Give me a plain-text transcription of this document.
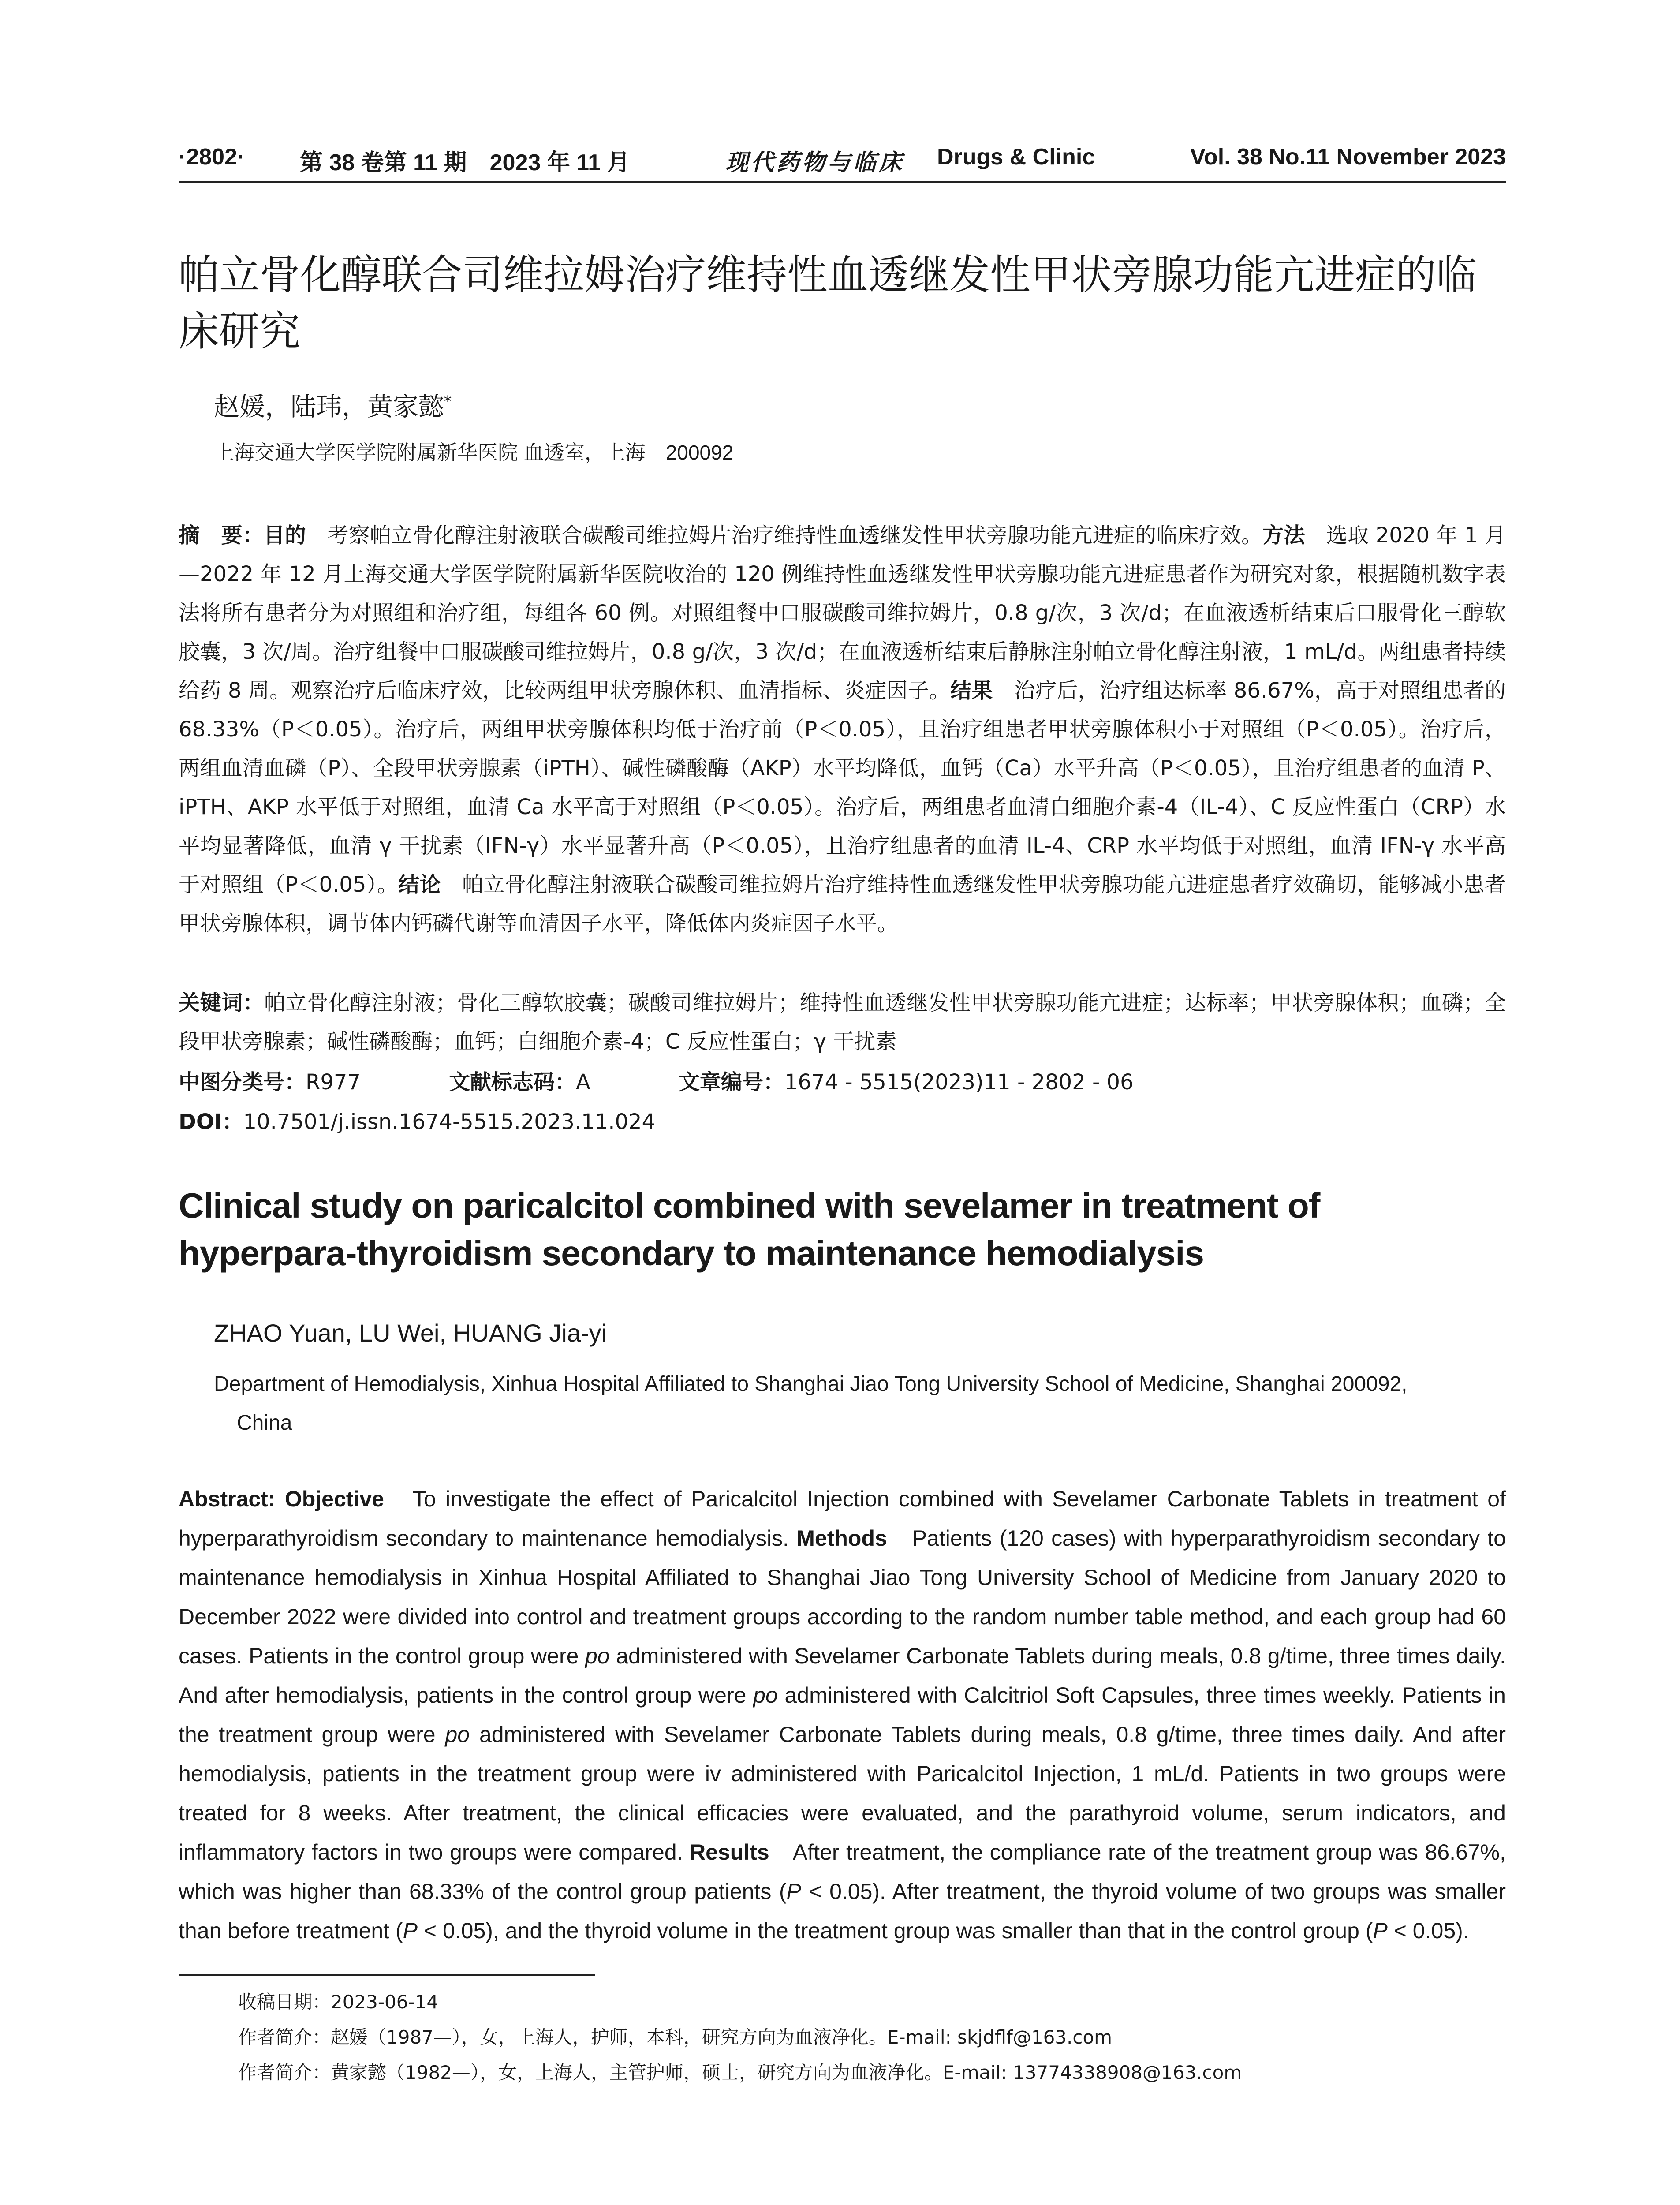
·2802· 第 38 卷第 11 期　2023 年 11 月	现代药物与临床 Drugs & Clinic	Vol. 38 No.11 November 2023
帕立骨化醇联合司维拉姆治疗维持性血透继发性甲状旁腺功能亢进症的临床研究
赵媛，陆玮，黄家懿*
上海交通大学医学院附属新华医院 血透室，上海　200092
摘　要：目的　考察帕立骨化醇注射液联合碳酸司维拉姆片治疗维持性血透继发性甲状旁腺功能亢进症的临床疗效。方法　选取 2020 年 1 月—2022 年 12 月上海交通大学医学院附属新华医院收治的 120 例维持性血透继发性甲状旁腺功能亢进症患者作为研究对象，根据随机数字表法将所有患者分为对照组和治疗组，每组各 60 例。对照组餐中口服碳酸司维拉姆片，0.8 g/次，3 次/d；在血液透析结束后口服骨化三醇软胶囊，3 次/周。治疗组餐中口服碳酸司维拉姆片，0.8 g/次，3 次/d；在血液透析结束后静脉注射帕立骨化醇注射液，1 mL/d。两组患者持续给药 8 周。观察治疗后临床疗效，比较两组甲状旁腺体积、血清指标、炎症因子。结果　治疗后，治疗组达标率 86.67%，高于对照组患者的 68.33%（P＜0.05）。治疗后，两组甲状旁腺体积均低于治疗前（P＜0.05），且治疗组患者甲状旁腺体积小于对照组（P＜0.05）。治疗后，两组血清血磷（P）、全段甲状旁腺素（iPTH）、碱性磷酸酶（AKP）水平均降低，血钙（Ca）水平升高（P＜0.05），且治疗组患者的血清 P、iPTH、AKP 水平低于对照组，血清 Ca 水平高于对照组（P＜0.05）。治疗后，两组患者血清白细胞介素-4（IL-4）、C 反应性蛋白（CRP）水平均显著降低，血清 γ 干扰素（IFN-γ）水平显著升高（P＜0.05），且治疗组患者的血清 IL-4、CRP 水平均低于对照组，血清 IFN-γ 水平高于对照组（P＜0.05）。结论　帕立骨化醇注射液联合碳酸司维拉姆片治疗维持性血透继发性甲状旁腺功能亢进症患者疗效确切，能够减小患者甲状旁腺体积，调节体内钙磷代谢等血清因子水平，降低体内炎症因子水平。
关键词：帕立骨化醇注射液；骨化三醇软胶囊；碳酸司维拉姆片；维持性血透继发性甲状旁腺功能亢进症；达标率；甲状旁腺体积；血磷；全段甲状旁腺素；碱性磷酸酶；血钙；白细胞介素-4；C 反应性蛋白；γ 干扰素
中图分类号：R977	文献标志码：A	文章编号：1674 - 5515(2023)11 - 2802 - 06
DOI：10.7501/j.issn.1674-5515.2023.11.024
Clinical study on paricalcitol combined with sevelamer in treatment of hyperpara-thyroidism secondary to maintenance hemodialysis
ZHAO Yuan, LU Wei, HUANG Jia-yi
Department of Hemodialysis, Xinhua Hospital Affiliated to Shanghai Jiao Tong University School of Medicine, Shanghai 200092,
China
Abstract: Objective　To investigate the effect of Paricalcitol Injection combined with Sevelamer Carbonate Tablets in treatment of hyperparathyroidism secondary to maintenance hemodialysis. Methods　Patients (120 cases) with hyperparathyroidism secondary to maintenance hemodialysis in Xinhua Hospital Affiliated to Shanghai Jiao Tong University School of Medicine from January 2020 to December 2022 were divided into control and treatment groups according to the random number table method, and each group had 60 cases. Patients in the control group were po administered with Sevelamer Carbonate Tablets during meals, 0.8 g/time, three times daily. And after hemodialysis, patients in the control group were po administered with Calcitriol Soft Capsules, three times weekly. Patients in the treatment group were po administered with Sevelamer Carbonate Tablets during meals, 0.8 g/time, three times daily. And after hemodialysis, patients in the treatment group were iv administered with Paricalcitol Injection, 1 mL/d. Patients in two groups were treated for 8 weeks. After treatment, the clinical efficacies were evaluated, and the parathyroid volume, serum indicators, and inflammatory factors in two groups were compared. Results　After treatment, the compliance rate of the treatment group was 86.67%, which was higher than 68.33% of the control group patients (P < 0.05). After treatment, the thyroid volume of two groups was smaller than before treatment (P < 0.05), and the thyroid volume in the treatment group was smaller than that in the control group (P < 0.05).
收稿日期：2023-06-14
作者简介：赵媛（1987—），女，上海人，护师，本科，研究方向为血液净化。E-mail: skjdflf@163.com
作者简介：黄家懿（1982—），女，上海人，主管护师，硕士，研究方向为血液净化。E-mail: 13774338908@163.com
